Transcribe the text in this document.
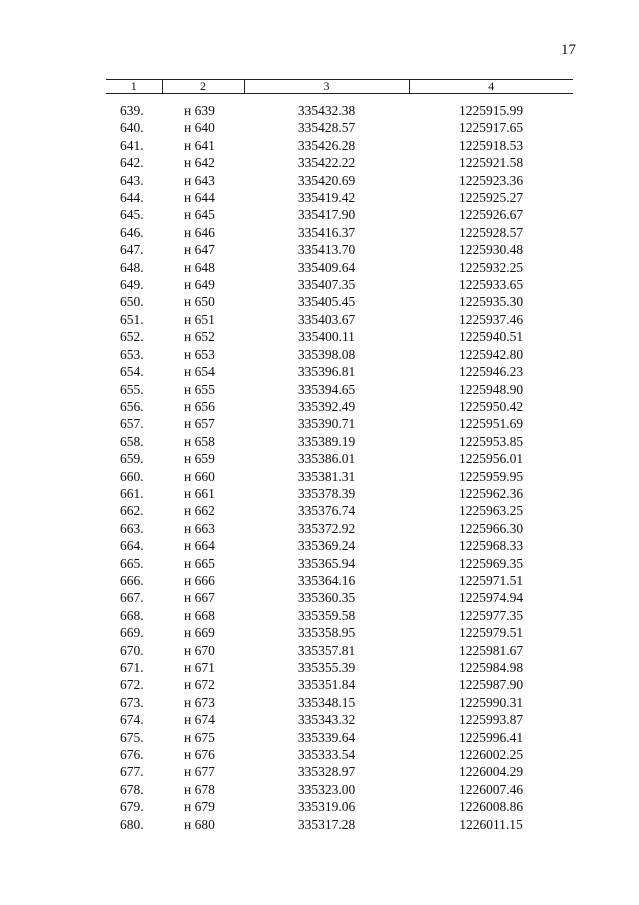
17
1	2	3	4
639.	н 639	335432.38	1225915.99
640.	н 640	335428.57	1225917.65
641.	н 641	335426.28	1225918.53
642.	н 642	335422.22	1225921.58
643.	н 643	335420.69	1225923.36
644.	н 644	335419.42	1225925.27
645.	н 645	335417.90	1225926.67
646.	н 646	335416.37	1225928.57
647.	н 647	335413.70	1225930.48
648.	н 648	335409.64	1225932.25
649.	н 649	335407.35	1225933.65
650.	н 650	335405.45	1225935.30
651.	н 651	335403.67	1225937.46
652.	н 652	335400.11	1225940.51
653.	н 653	335398.08	1225942.80
654.	н 654	335396.81	1225946.23
655.	н 655	335394.65	1225948.90
656.	н 656	335392.49	1225950.42
657.	н 657	335390.71	1225951.69
658.	н 658	335389.19	1225953.85
659.	н 659	335386.01	1225956.01
660.	н 660	335381.31	1225959.95
661.	н 661	335378.39	1225962.36
662.	н 662	335376.74	1225963.25
663.	н 663	335372.92	1225966.30
664.	н 664	335369.24	1225968.33
665.	н 665	335365.94	1225969.35
666.	н 666	335364.16	1225971.51
667.	н 667	335360.35	1225974.94
668.	н 668	335359.58	1225977.35
669.	н 669	335358.95	1225979.51
670.	н 670	335357.81	1225981.67
671.	н 671	335355.39	1225984.98
672.	н 672	335351.84	1225987.90
673.	н 673	335348.15	1225990.31
674.	н 674	335343.32	1225993.87
675.	н 675	335339.64	1225996.41
676.	н 676	335333.54	1226002.25
677.	н 677	335328.97	1226004.29
678.	н 678	335323.00	1226007.46
679.	н 679	335319.06	1226008.86
680.	н 680	335317.28	1226011.15
